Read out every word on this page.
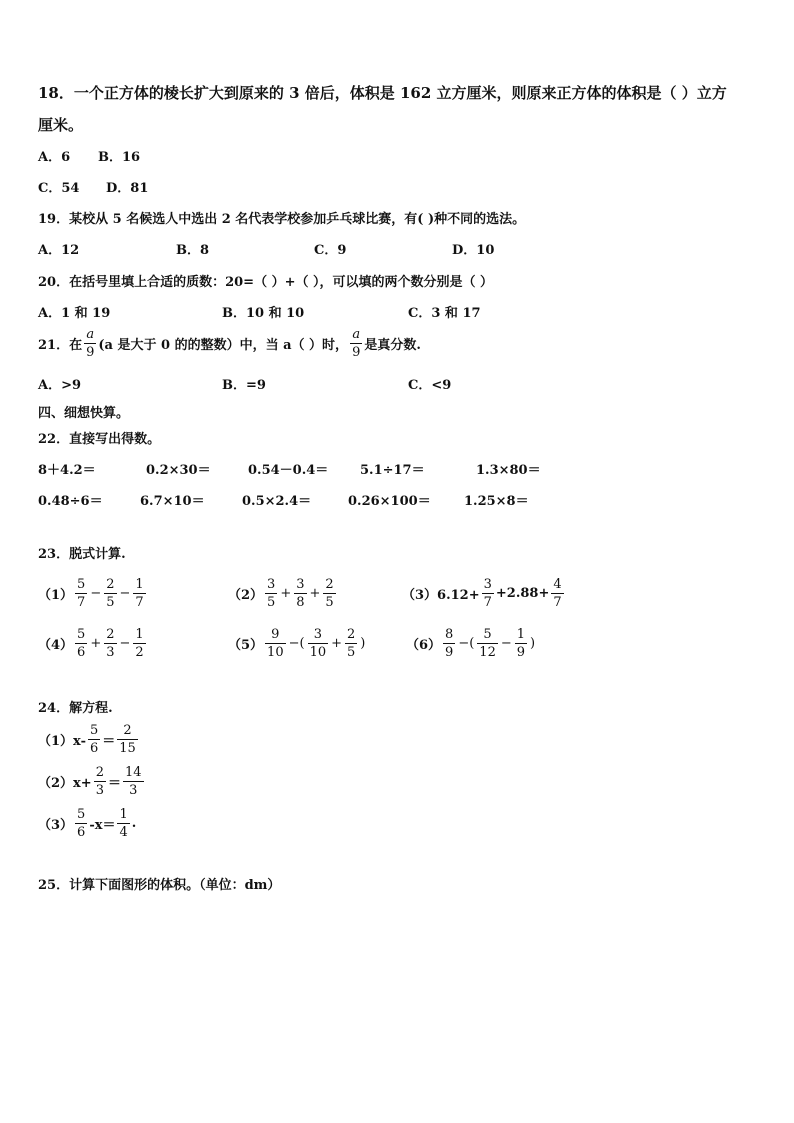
18．一个正方体的棱长扩大到原来的 3 倍后，体积是 162 立方厘米，则原来正方体的体积是（ ）立方
厘米。
A．6 B．16
C．54 D．81
19．某校从 5 名候选人中选出 2 名代表学校参加乒乓球比赛，有( )种不同的选法。
A．12	B．8	C．9	D．10
20．在括号里填上合适的质数：20=（ ）+（ ），可以填的两个数分别是（ ）
A．1 和 19	B．10 和 10	C．3 和 17
21．在 $\frac{a}{9} (a$ 是大于 0 的的整数）中，当 a（ ）时， $\frac{a}{9}$ 是真分数.
A．>9	B．=9	C．<9
四、细想快算。
22．直接写出得数。
8＋4.2＝	0.2×30＝	0.54－0.4＝ 5.1÷17＝	1.3×80＝
0.48÷6＝	6.7×10＝	0.5×2.4＝	0.26×100＝	1.25×8＝
23．脱式计算.
$(1) \frac{5}{7} - \frac{2}{5} - \frac{1}{7}$	$(2) \frac{3}{5} + \frac{3}{8} + \frac{2}{5}$	$(3)6.12+ \frac{3}{7} +2.88+ \frac{4}{7}$
$(4) \frac{5}{6} + \frac{2}{3} - \frac{1}{2}$	$(5) \frac{9}{10}$ −( $\frac{3}{10} + \frac{2}{5}$ )	$(6) \frac{8}{9}$ −( $\frac{5}{12} - \frac{1}{9}$ )
24．解方程.
$(1)x- \frac{5}{6} = \frac{2}{15}$
$(2)x+ \frac{2}{3} = \frac{14}{3}$
$(3) \frac{5}{6} -x= \frac{1}{4}$ .
25．计算下面图形的体积。（单位：dm）
